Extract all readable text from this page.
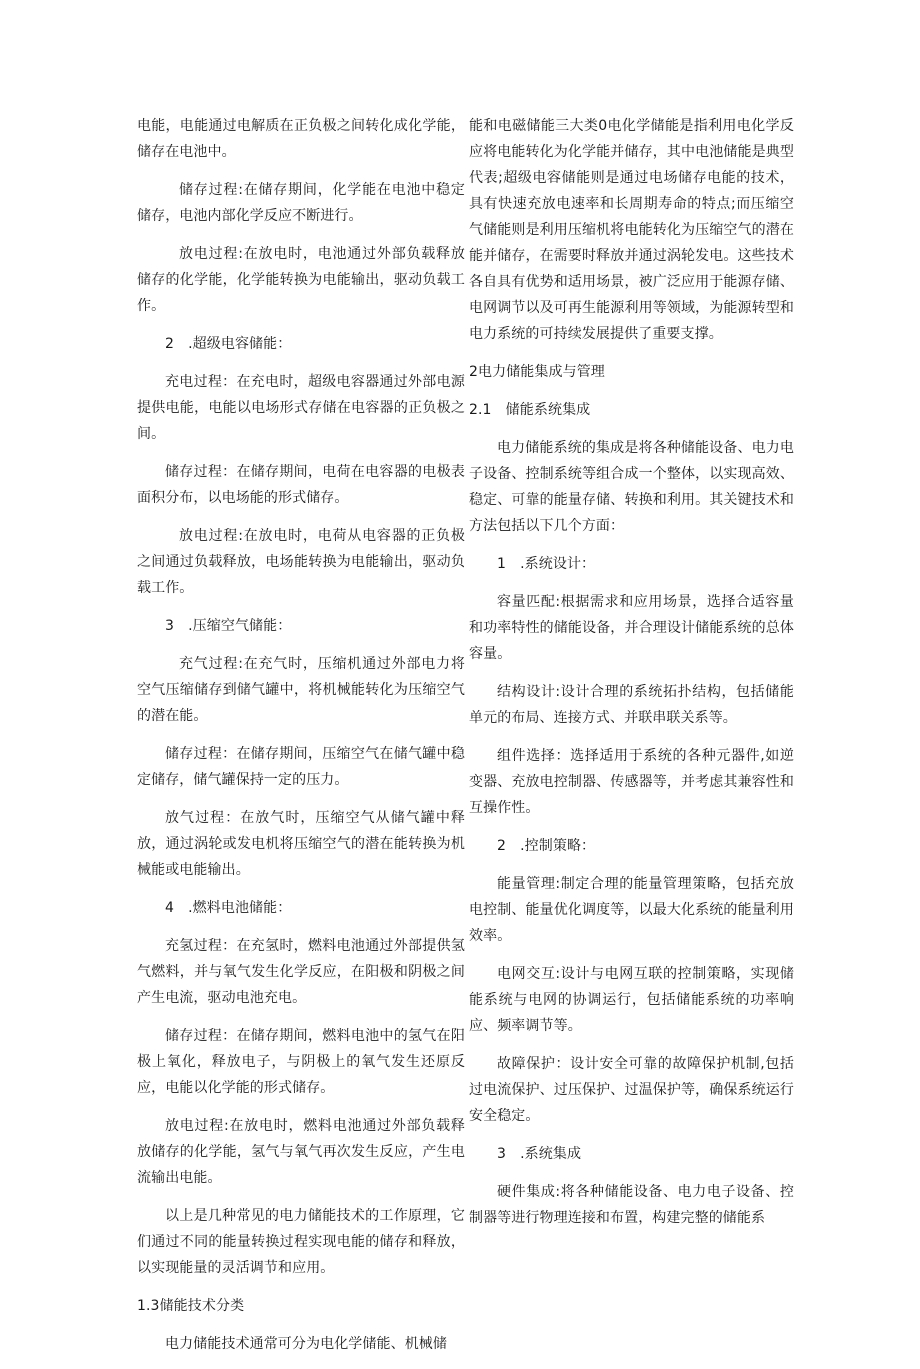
电能，电能通过电解质在正负极之间转化成化学能，储存在电池中。

储存过程:在储存期间，化学能在电池中稳定储存，电池内部化学反应不断进行。

放电过程:在放电时，电池通过外部负载释放储存的化学能，化学能转换为电能输出，驱动负载工作。

2　.超级电容储能：

充电过程：在充电时，超级电容器通过外部电源提供电能，电能以电场形式存储在电容器的正负极之间。

储存过程：在储存期间，电荷在电容器的电极表面积分布，以电场能的形式储存。

放电过程:在放电时，电荷从电容器的正负极之间通过负载释放，电场能转换为电能输出，驱动负载工作。

3　.压缩空气储能：

充气过程:在充气时，压缩机通过外部电力将空气压缩储存到储气罐中，将机械能转化为压缩空气的潜在能。

储存过程：在储存期间，压缩空气在储气罐中稳定储存，储气罐保持一定的压力。

放气过程：在放气时，压缩空气从储气罐中释放，通过涡轮或发电机将压缩空气的潜在能转换为机械能或电能输出。

4　.燃料电池储能：

充氢过程：在充氢时，燃料电池通过外部提供氢气燃料，并与氧气发生化学反应，在阳极和阴极之间产生电流，驱动电池充电。

储存过程：在储存期间，燃料电池中的氢气在阳极上氧化，释放电子，与阴极上的氧气发生还原反应，电能以化学能的形式储存。

放电过程:在放电时，燃料电池通过外部负载释放储存的化学能，氢气与氧气再次发生反应，产生电流输出电能。

以上是几种常见的电力储能技术的工作原理，它们通过不同的能量转换过程实现电能的储存和释放，以实现能量的灵活调节和应用。

1.3储能技术分类

电力储能技术通常可分为电化学储能、机械储

能和电磁储能三大类0电化学储能是指利用电化学反应将电能转化为化学能并储存，其中电池储能是典型代表;超级电容储能则是通过电场储存电能的技术，具有快速充放电速率和长周期寿命的特点;而压缩空气储能则是利用压缩机将电能转化为压缩空气的潜在能并储存，在需要时释放并通过涡轮发电。这些技术各自具有优势和适用场景，被广泛应用于能源存储、电网调节以及可再生能源利用等领域，为能源转型和电力系统的可持续发展提供了重要支撑。

2电力储能集成与管理

2.1　储能系统集成

电力储能系统的集成是将各种储能设备、电力电子设备、控制系统等组合成一个整体，以实现高效、稳定、可靠的能量存储、转换和利用。其关键技术和方法包括以下几个方面：

1　.系统设计：

容量匹配:根据需求和应用场景，选择合适容量和功率特性的储能设备，并合理设计储能系统的总体容量。

结构设计:设计合理的系统拓扑结构，包括储能单元的布局、连接方式、并联串联关系等。

组件选择：选择适用于系统的各种元器件,如逆变器、充放电控制器、传感器等，并考虑其兼容性和互操作性。

2　.控制策略：

能量管理:制定合理的能量管理策略，包括充放电控制、能量优化调度等，以最大化系统的能量利用效率。

电网交互:设计与电网互联的控制策略，实现储能系统与电网的协调运行，包括储能系统的功率响应、频率调节等。

故障保护：设计安全可靠的故障保护机制,包括过电流保护、过压保护、过温保护等，确保系统运行安全稳定。

3　.系统集成

硬件集成:将各种储能设备、电力电子设备、控制器等进行物理连接和布置，构建完整的储能系
